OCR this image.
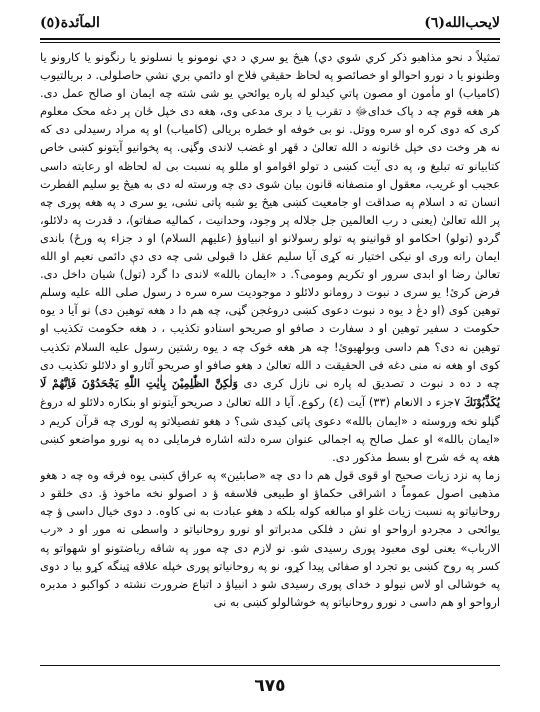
لايحب‌الله(٦)
المآئدة(٥)

تمثيلاً د نحو مذاهبو ذكر كري شوي دي) هيڅ يو سري د دي نومونو يا نسلونو يا رنگونو يا كارونو يا وطنونو يا د نورو احوالو او خصائصو په لحاظ حقيقي فلاح او دائمي بري نشي حاصلولی. د بريالتيوب (كامياب) او مأمون او مصون پاتي كيدلو له پاره يوائحي يو شی شته چه ايمان او صالح عمل دی. هر هغه قوم چه د پاک خدایﷻ د تقرب یا د بری مدعی وی، هغه دی خپل ځان پر دغه محک معلوم كری كه دوی كره او سره ووتل. نو بی خوفه او خطره بريالی (كامياب) او په مراد رسيدلی دی كه نه هر وخت دی خپل ځانونه د الله تعالیٰ د قهر او غضب لاندی وگڼی. په پخوانيو آيتونو كښی خاص كتابيانو ته تبليغ و، په دی آيت كښی د تولو اقوامو او مللو په نسبت بی له لحاظه او رعايته داسی عجيب او غريب، معقول او منصفانه قانون بيان شوی دی چه ورسته له دی به هيڅ يو سليم الفطرت انسان ته د اسلام په صداقت او جامعيت كښی هيڅ يو شبه پاتی نشی، يو سری د په هغه پوری چه پر الله تعالیٰ (یعنی د رب العالمين جل جلاله پر وجود، وحدانيت ، كماليه صفاتو)، د قدرت په دلائلو، گردو (تولو) احكامو او قوانينو په تولو رسولانو او انبياوؤ (عليهم السلام) او د جزاء په ورځ) باندی ايمان رانه وری او نيكی اختيار نه كړی آيا سليم عقل دا قبولی شی چه دی دې دائمی نعيم او الله تعالیٰ رضا او ابدی سرور او تكريم ومومی؟. د «ايمان بالله» لاندی دا گرد (تول) شيان داخل دی. فرض كرئ! يو سری د نبوت د رومانو دلائلو د موجوديت سره سره د رسول صلی الله عليه وسلم توهين كوی (او دعٰ د يوه د نبوت دعوی كښی دروغجن گڼی، چه هم دا د هغه توهين دی) نو آيا د يوه حكومت د سفير توهين او د سفارت د صافو او صريحو اسنادو تكذيب ، د هغه حكومت تكذيب او توهين نه دی؟ هم داسی وبولهيوئ! چه هر هغه څوک چه د يوه رشتين رسول عليه السلام تكذيب كوی او هغه نه منی دغه فی الحقيقت د الله تعالیٰ د هغو صافو او صريحو آثارو او دلائلو تكذيب دی چه د ده د نبوت د تصديق له پاره نی نازل كری دی وَلٰكِنَّ الظّٰلِمِيْنَ بِاٰيٰتِ اللّٰهِ يَجْحَدُوْنَ فَاِنَّهُمْ لَا يُكَذِّبُوْنَكَ ٧جزء د الانعام (٣٣) آيت (٤) ركوع. آيا د الله تعالیٰ د صريحو آيتونو او بنكاره دلائلو له دروغ گڼلو نخه وروسته د «ايمان بالله» دعوی پاتی كيدی شی؟ د هغو تفصيلاتو په لوری چه قرآن كريم د «ايمان بالله» او عمل صالح په اجمالی عنوان سره دلته اشاره فرمايلی ده په نورو مواضعو كښی هغه په څه شرح او بسط مذكور دی.

زما په نزد زيات صحيح او قوی قول هم دا دی چه «صابئين» په عراق كښی يوه فرقه وه چه د هغو مذهبی اصول عموماًً د اشراقی حكماؤ او طبيعی فلاسفه ؤ د اصولو نخه ماخوذ ؤ. دی خلقو د روحانياتو په نسبت زيات غلو او مبالغه كوله بلكه د هغو عبادت به نی كاوه. د دوی خيال داسی ؤ چه يوائحی د مجردو ارواحو او نش د فلكی مدبراتو او نورو روحانياتو د واسطی نه موږ او د «رب الارباب» یعنی لوی معبود پوری رسيدی شو. نو لازم دی چه موږ په شاقه رياضتونو او شهواتو په كسر په روح كښی يو تجرد او صفائی پيدا كړو، نو په روحانياتو پوری خپله علاقه ټينگه كړو بيا د دوی په خوشالی او لاس نيولو د خدای پوری رسيدی شو د انبياؤ د اتباع ضرورت نشته د كواكبو د مدبره ارواحو او هم داسی د نورو روحانياتو په خوشالولو كښی به نی

٦٧٥
